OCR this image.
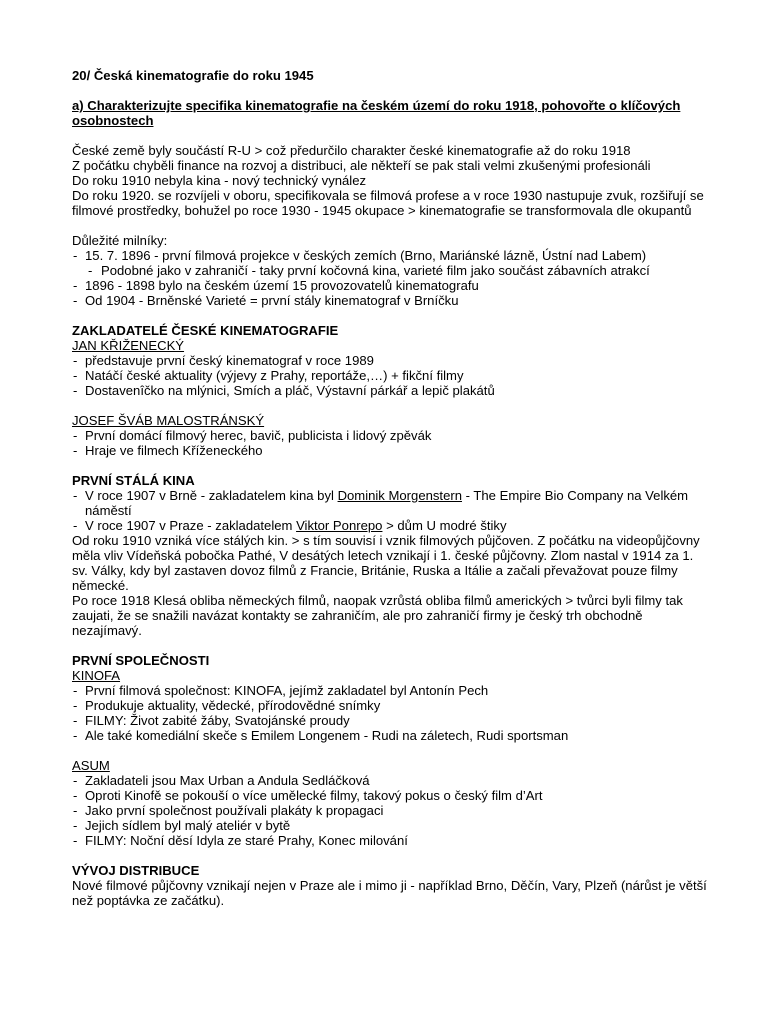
20/ Česká kinematografie do roku 1945

a) Charakterizujte specifika kinematografie na českém území do roku 1918, pohovořte o klíčových osobnostech

České země byly součástí R-U > což předurčilo charakter české kinematografie až do roku 1918

Z počátku chyběli finance na rozvoj a distribuci, ale někteří se pak stali velmi zkušenými profesionáli

Do roku 1910 nebyla kina - nový technický vynález

Do roku 1920. se rozvíjeli v oboru, specifikovala se filmová profese a v roce 1930 nastupuje zvuk, rozšiřují se filmové prostředky, bohužel po roce 1930 - 1945 okupace > kinematografie se transformovala dle okupantů

Důležité milníky:

- 15. 7. 1896 - první filmová projekce v českých zemích (Brno, Mariánské lázně, Ústní nad Labem)
- Podobné jako v zahraničí - taky první kočovná kina, varieté film jako součást zábavních atrakcí
- 1896 - 1898 bylo na českém území 15 provozovatelů kinematografu
- Od 1904 - Brněnské Varieté = první stály kinematograf v Brníčku

ZAKLADATELÉ ČESKÉ KINEMATOGRAFIE

JAN KŘIŽENECKÝ

- představuje první český kinematograf v roce 1989
- Natáčí české aktuality (výjevy z Prahy, reportáže,…) + fikční filmy
- Dostavenîčko na mlýnici, Smích a pláč, Výstavní párkář a lepič plakátů

JOSEF ŠVÁB MALOSTRÁNSKÝ

- První domácí filmový herec, bavič, publicista i lidový zpěvák
- Hraje ve filmech Kříženeckého

PRVNÍ STÁLÁ KINA

- V roce 1907 v Brně - zakladatelem kina byl Dominik Morgenstern - The Empire Bio Company na Velkém náměstí
- V roce 1907 v Praze - zakladatelem Viktor Ponrepo > dům U modré štiky

Od roku 1910 vzniká více stálých kin. > s tím souvisí i vznik filmových půjčoven. Z počátku na videopůjčovny měla vliv Vídeňská pobočka Pathé, V desátých letech vznikají i 1. české půjčovny. Zlom nastal v 1914 za 1. sv. Války, kdy byl zastaven dovoz filmů z Francie, Británie, Ruska a Itálie a začali převažovat pouze filmy německé.

Po roce 1918 Klesá obliba německých filmů, naopak vzrůstá obliba filmů amerických > tvůrci byli filmy tak zaujati, že se snažili navázat kontakty se zahraničím, ale pro zahraničí firmy je český trh obchodně nezajímavý.

PRVNÍ SPOLEČNOSTI

KINOFA

- První filmová společnost: KINOFA, jejímž zakladatel byl Antonín Pech
- Produkuje aktuality, vědecké, přírodovědné snímky
- FILMY: Život zabité žáby, Svatojánské proudy
- Ale také komediální skeče s Emilem Longenem - Rudi na záletech, Rudi sportsman

ASUM

- Zakladateli jsou Max Urban a Andula Sedláčková
- Oproti Kinofě se pokouší o více umělecké filmy, takový pokus o český film d’Art
- Jako první společnost používali plakáty k propagaci
- Jejich sídlem byl malý ateliér v bytě
- FILMY: Noční děsí Idyla ze staré Prahy, Konec milování

VÝVOJ DISTRIBUCE

Nové filmové půjčovny vznikají nejen v Praze ale i mimo ji - například Brno, Děčín, Vary, Plzeň (nárůst je větší než poptávka ze začátku).
